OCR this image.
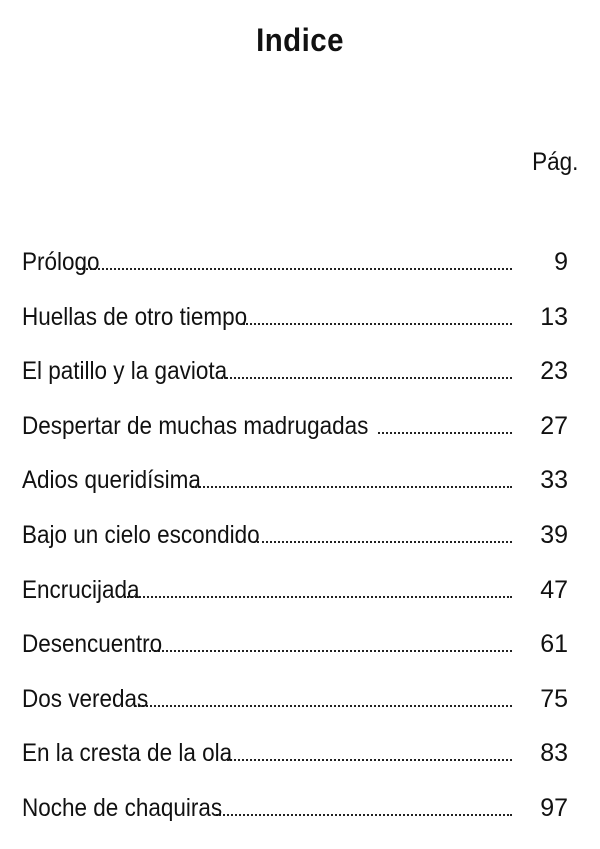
Indice
Pág.
Prólogo	9
Huellas de otro tiempo	13
El patillo y la gaviota	23
Despertar de muchas madrugadas	27
Adios queridísima	33
Bajo un cielo escondido	39
Encrucijada	47
Desencuentro	61
Dos veredas	75
En la cresta de la ola	83
Noche de chaquiras	97
